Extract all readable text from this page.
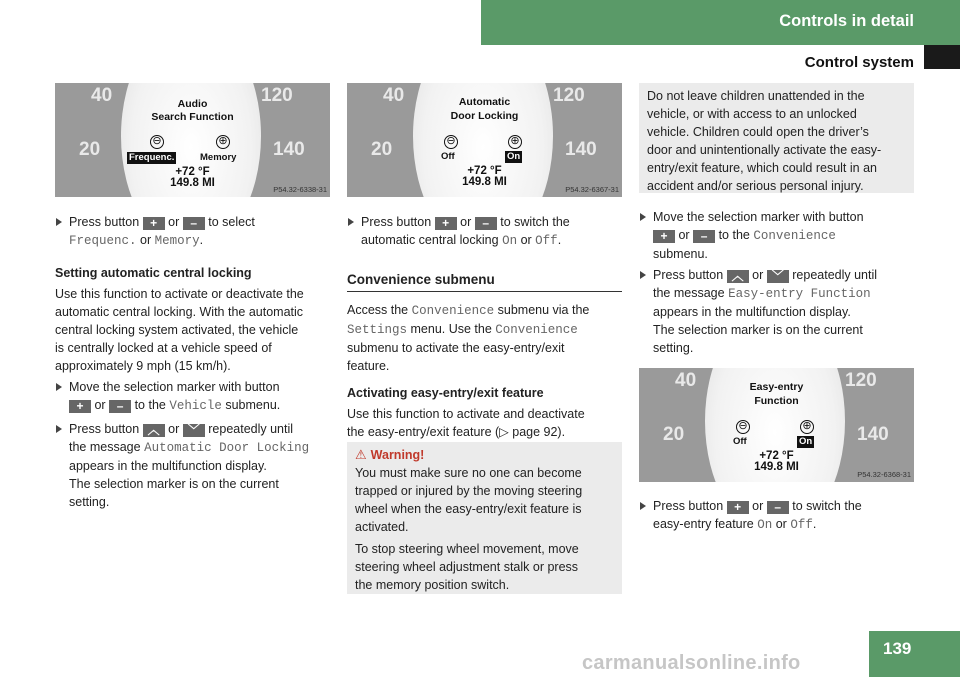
Controls in detail
Control system
40	120
20	140
Audio
Search Function
⊖	⊕
Frequenc.	Memory
+72 °F
149.8 MI
P54.32-6338-31
Press button + or – to select
Frequenc. or Memory.
Setting automatic central locking
Use this function to activate or deactivate the
automatic central locking. With the automatic
central locking system activated, the vehicle
is centrally locked at a vehicle speed of
approximately 9 mph (15 km/h).
Move the selection marker with button
+ or – to the Vehicle submenu.
Press button ︿ or ﹀ repeatedly until
the message Automatic Door Locking
appears in the multifunction display.
The selection marker is on the current
setting.
40	120
20	140
Automatic
Door Locking
⊖	⊕
Off	On
+72 °F
149.8 MI
P54.32-6367-31
Press button + or – to switch the
automatic central locking On or Off.
Convenience submenu
Access the Convenience submenu via the
Settings menu. Use the Convenience
submenu to activate the easy-entry/exit
feature.
Activating easy-entry/exit feature
Use this function to activate and deactivate
the easy-entry/exit feature (▷ page 92).
⚠ Warning!
You must make sure no one can become
trapped or injured by the moving steering
wheel when the easy-entry/exit feature is
activated.
To stop steering wheel movement, move
steering wheel adjustment stalk or press
the memory position switch.
Do not leave children unattended in the
vehicle, or with access to an unlocked
vehicle. Children could open the driver’s
door and unintentionally activate the easy-
entry/exit feature, which could result in an
accident and/or serious personal injury.
Move the selection marker with button
+ or – to the Convenience
submenu.
Press button ︿ or ﹀ repeatedly until
the message Easy-entry Function
appears in the multifunction display.
The selection marker is on the current
setting.
40	120
20	140
Easy-entry
Function
⊖	⊕
Off	On
+72 °F
149.8 MI
P54.32-6368-31
Press button + or – to switch the
easy-entry feature On or Off.
139
carmanualsonline.info
